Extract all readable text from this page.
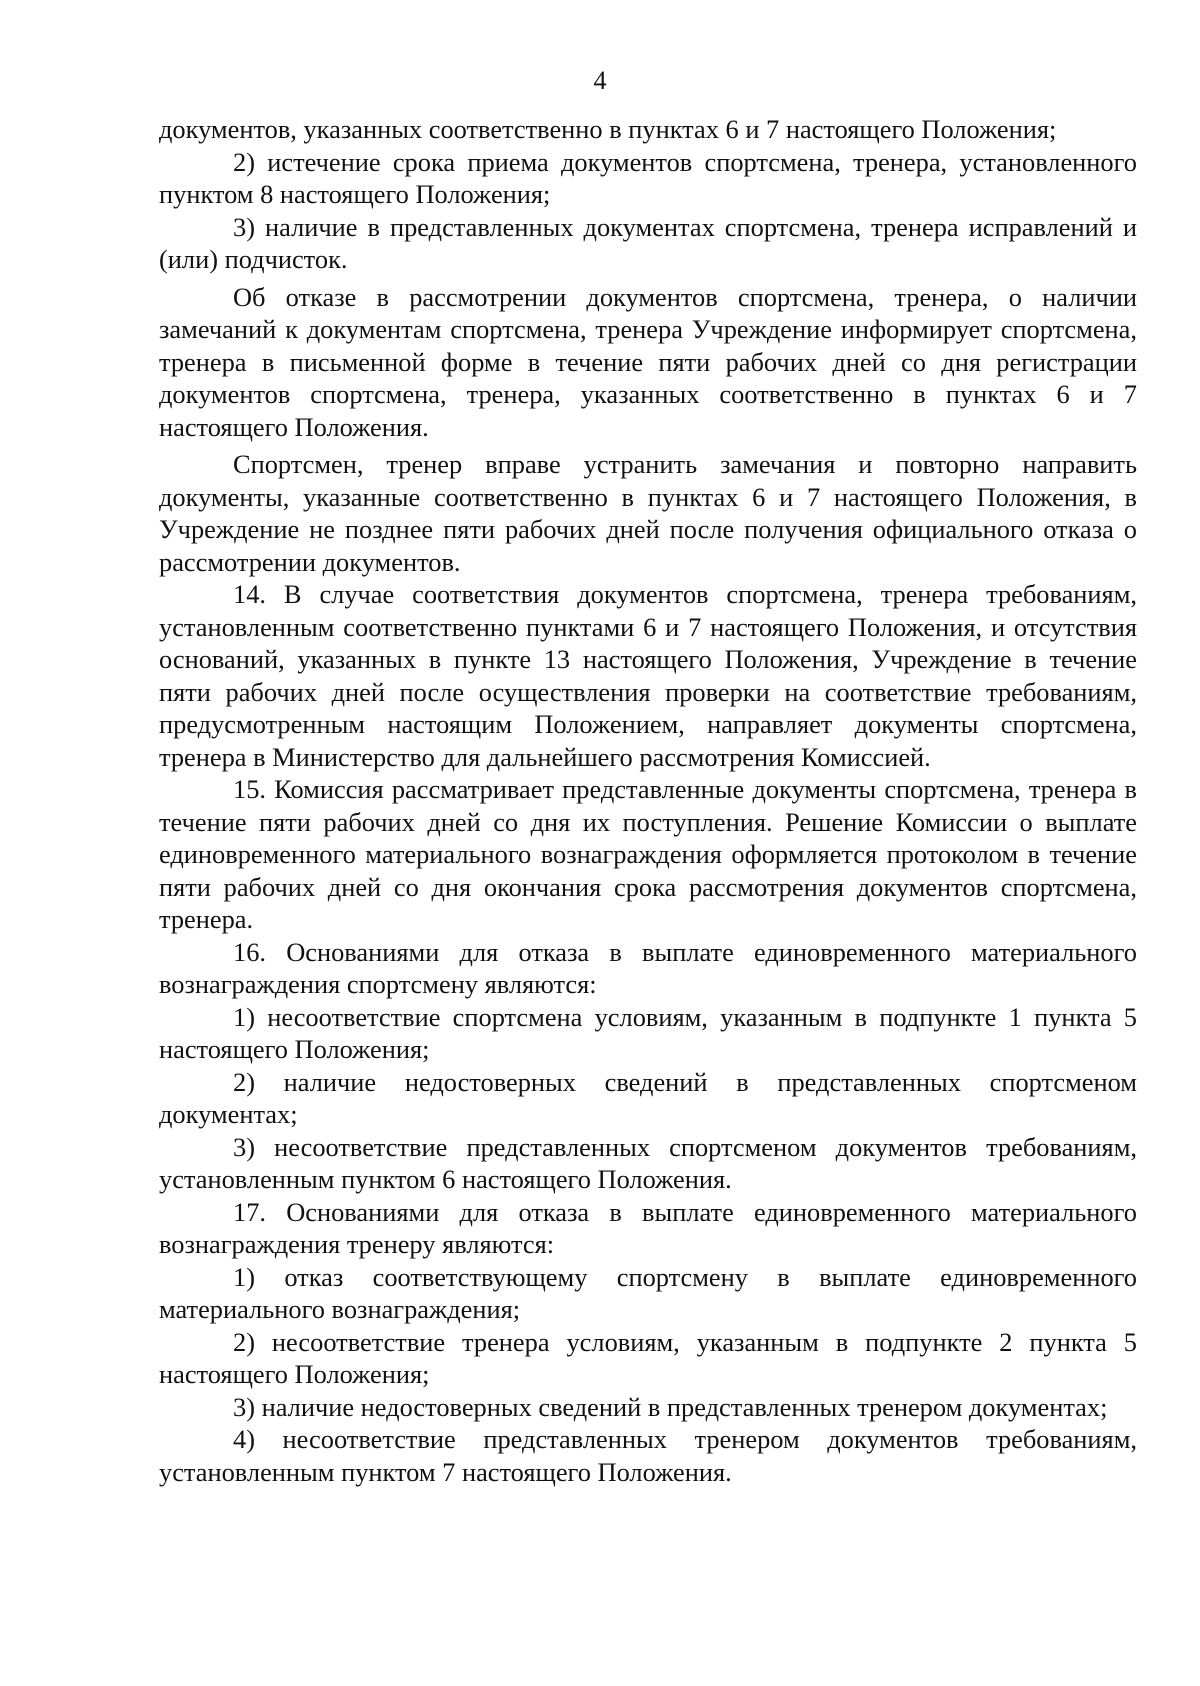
4

документов, указанных соответственно в пунктах 6 и 7 настоящего Положения;

2) истечение срока приема документов спортсмена, тренера, установленного пунктом 8 настоящего Положения;

3) наличие в представленных документах спортсмена, тренера исправлений и (или) подчисток.

Об отказе в рассмотрении документов спортсмена, тренера, о наличии замечаний к документам спортсмена, тренера Учреждение информирует спортсмена, тренера в письменной форме в течение пяти рабочих дней со дня регистрации документов спортсмена, тренера, указанных соответственно в пунктах 6 и 7 настоящего Положения.

Спортсмен, тренер вправе устранить замечания и повторно направить документы, указанные соответственно в пунктах 6 и 7 настоящего Положения, в Учреждение не позднее пяти рабочих дней после получения официального отказа о рассмотрении документов.

14. В случае соответствия документов спортсмена, тренера требованиям, установленным соответственно пунктами 6 и 7 настоящего Положения, и отсутствия оснований, указанных в пункте 13 настоящего Положения, Учреждение в течение пяти рабочих дней после осуществления проверки на соответствие требованиям, предусмотренным настоящим Положением, направляет документы спортсмена, тренера в Министерство для дальнейшего рассмотрения Комиссией.

15. Комиссия рассматривает представленные документы спортсмена, тренера в течение пяти рабочих дней со дня их поступления. Решение Комиссии о выплате единовременного материального вознаграждения оформляется протоколом в течение пяти рабочих дней со дня окончания срока рассмотрения документов спортсмена, тренера.

16. Основаниями для отказа в выплате единовременного материального вознаграждения спортсмену являются:

1) несоответствие спортсмена условиям, указанным в подпункте 1 пункта 5 настоящего Положения;

2) наличие недостоверных сведений в представленных спортсменом документах;

3) несоответствие представленных спортсменом документов требованиям, установленным пунктом 6 настоящего Положения.

17. Основаниями для отказа в выплате единовременного материального вознаграждения тренеру являются:

1) отказ соответствующему спортсмену в выплате единовременного материального вознаграждения;

2) несоответствие тренера условиям, указанным в подпункте 2 пункта 5 настоящего Положения;

3) наличие недостоверных сведений в представленных тренером документах;

4) несоответствие представленных тренером документов требованиям, установленным пунктом 7 настоящего Положения.
